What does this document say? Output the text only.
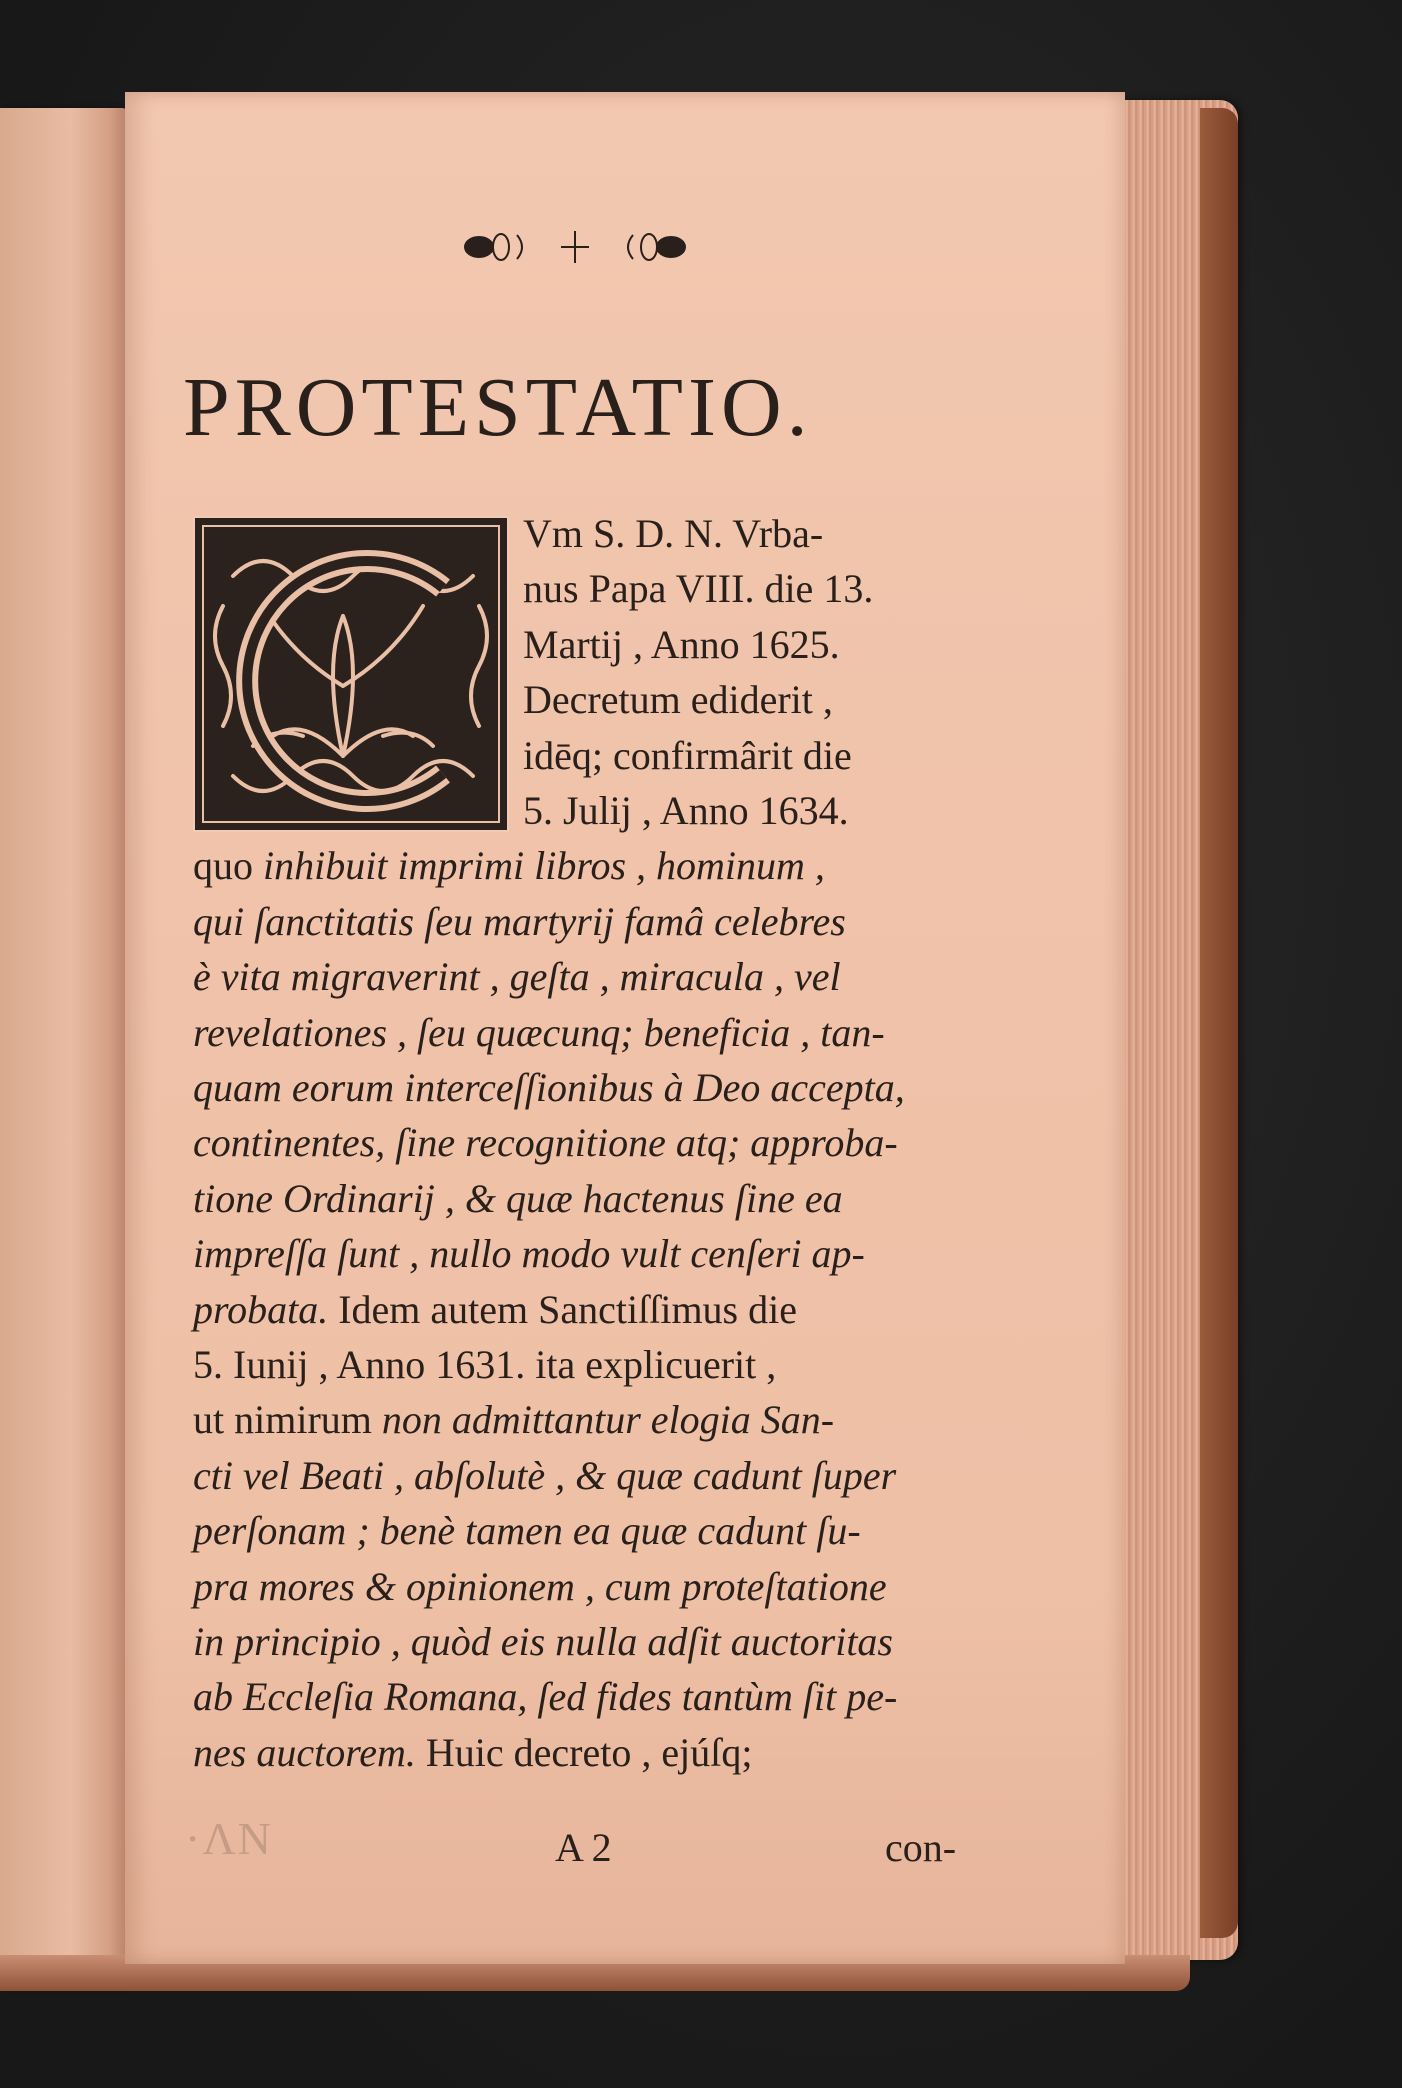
PROTESTATIO.
C	Vm S. D. N. Vrba-
nus Papa VIII. die 13.
Martij , Anno 1625.
Decretum ediderit ,
idēq; confirmârit die
5. Julij , Anno 1634.
quo inhibuit imprimi libros , hominum ,
qui ſanctitatis ſeu martyrij famâ celebres
è vita migraverint , geſta , miracula , vel
revelationes , ſeu quæcunq; beneficia , tan-
quam eorum interceſſionibus à Deo accepta,
continentes, ſine recognitione atq; approba-
tione Ordinarij , & quæ hactenus ſine ea
impreſſa ſunt , nullo modo vult cenſeri ap-
probata. Idem autem Sanctiſſimus die
5. Iunij , Anno 1631. ita explicuerit ,
ut nimirum non admittantur elogia San-
cti vel Beati , abſolutè , & quæ cadunt ſuper
perſonam ; benè tamen ea quæ cadunt ſu-
pra mores & opinionem , cum proteſtatione
in principio , quòd eis nulla adſit auctoritas
ab Eccleſia Romana, ſed fides tantùm ſit pe-
nes auctorem. Huic decreto , ejúſq;
·ΛΝ	A 2	con-
